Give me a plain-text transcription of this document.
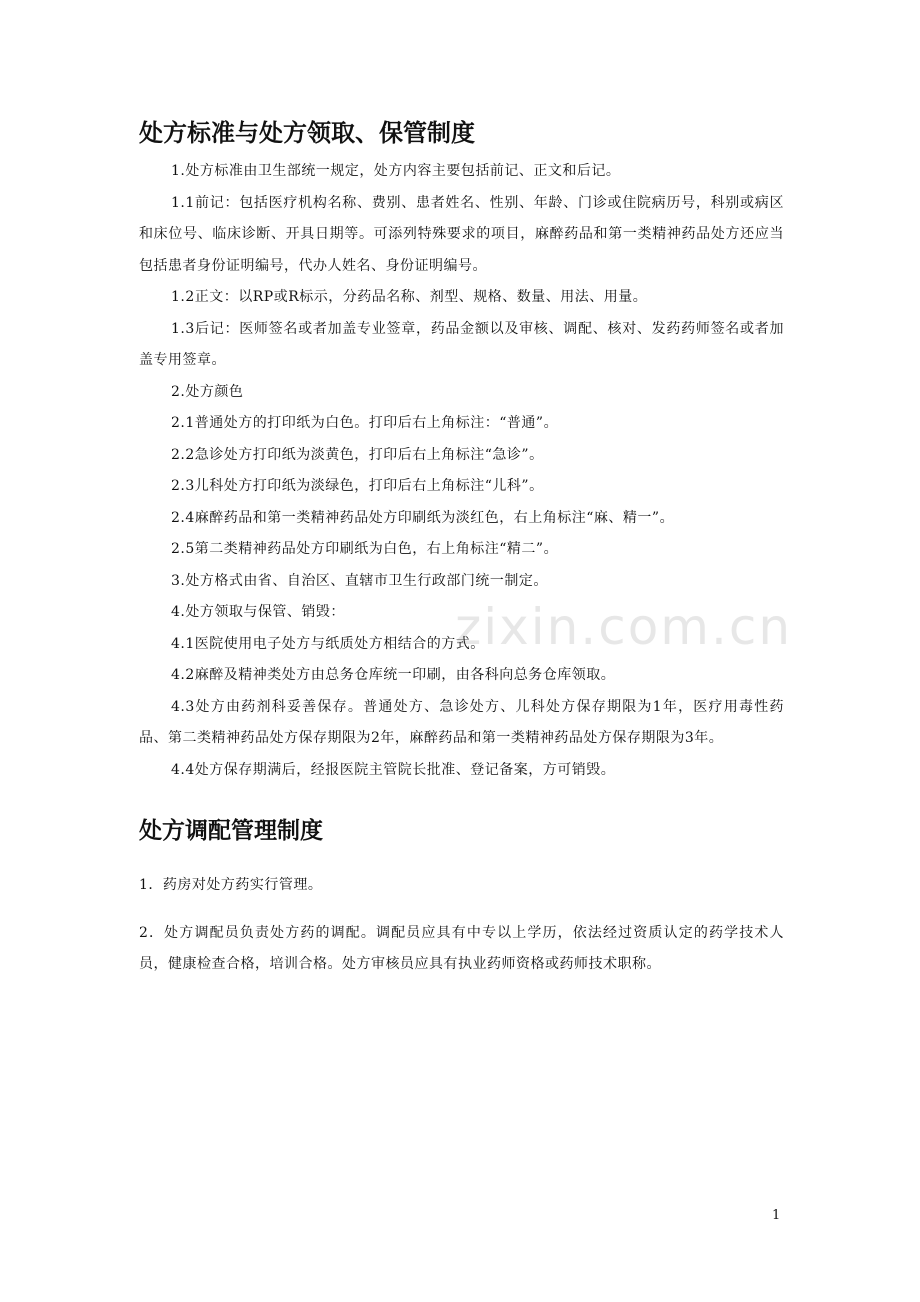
zixin.com.cn
处方标准与处方领取、保管制度

1.处方标准由卫生部统一规定，处方内容主要包括前记、正文和后记。

1.1前记：包括医疗机构名称、费别、患者姓名、性别、年龄、门诊或住院病历号，科别或病区和床位号、临床诊断、开具日期等。可添列特殊要求的项目，麻醉药品和第一类精神药品处方还应当包括患者身份证明编号，代办人姓名、身份证明编号。

1.2正文：以RP或R标示，分药品名称、剂型、规格、数量、用法、用量。

1.3后记：医师签名或者加盖专业签章，药品金额以及审核、调配、核对、发药药师签名或者加盖专用签章。

2.处方颜色

2.1普通处方的打印纸为白色。打印后右上角标注：“普通”。

2.2急诊处方打印纸为淡黄色，打印后右上角标注“急诊”。

2.3儿科处方打印纸为淡绿色，打印后右上角标注“儿科”。

2.4麻醉药品和第一类精神药品处方印刷纸为淡红色，右上角标注“麻、精一”。

2.5第二类精神药品处方印刷纸为白色，右上角标注“精二”。

3.处方格式由省、自治区、直辖市卫生行政部门统一制定。

4.处方领取与保管、销毁：

4.1医院使用电子处方与纸质处方相结合的方式。

4.2麻醉及精神类处方由总务仓库统一印刷，由各科向总务仓库领取。

4.3处方由药剂科妥善保存。普通处方、急诊处方、儿科处方保存期限为1年，医疗用毒性药品、第二类精神药品处方保存期限为2年，麻醉药品和第一类精神药品处方保存期限为3年。

4.4处方保存期满后，经报医院主管院长批准、登记备案，方可销毁。

处方调配管理制度

1．药房对处方药实行管理。

2．处方调配员负责处方药的调配。调配员应具有中专以上学历，依法经过资质认定的药学技术人员，健康检查合格，培训合格。处方审核员应具有执业药师资格或药师技术职称。

1
